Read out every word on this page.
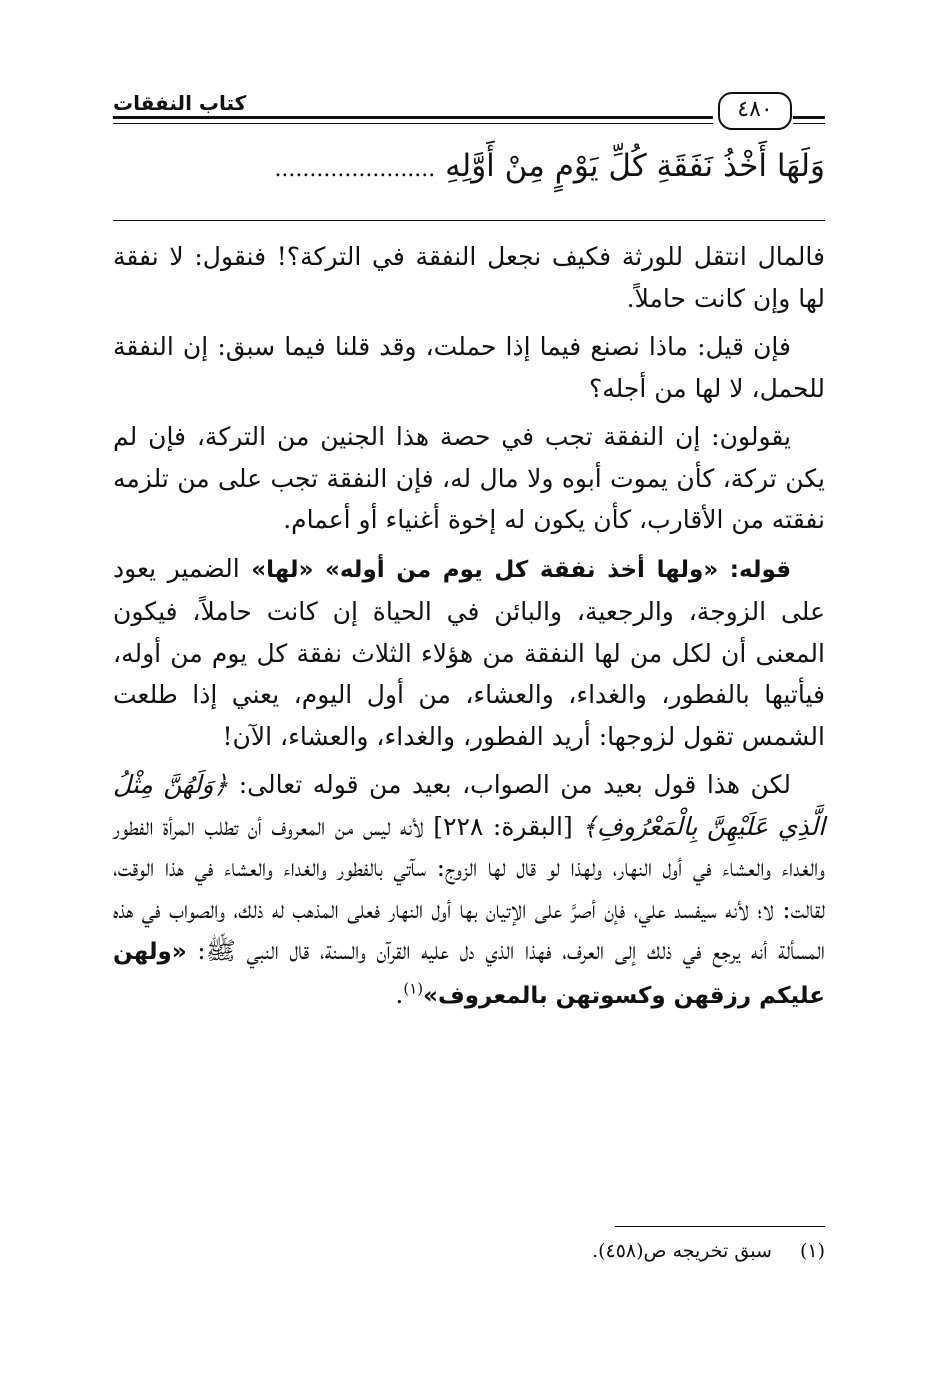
كتاب النفقات	٤٨٠
وَلَهَا أَخْذُ نَفَقَةِ كُلِّ يَوْمٍ مِنْ أَوَّلِهِ .......................

فالمال انتقل للورثة فكيف نجعل النفقة في التركة؟! فنقول: لا نفقة لها وإن كانت حاملاً.

فإن قيل: ماذا نصنع فيما إذا حملت، وقد قلنا فيما سبق: إن النفقة للحمل، لا لها من أجله؟

يقولون: إن النفقة تجب في حصة هذا الجنين من التركة، فإن لم يكن تركة، كأن يموت أبوه ولا مال له، فإن النفقة تجب على من تلزمه نفقته من الأقارب، كأن يكون له إخوة أغنياء أو أعمام.

قوله: «ولها أخذ نفقة كل يوم من أوله» «لها» الضمير يعود على الزوجة، والرجعية، والبائن في الحياة إن كانت حاملاً، فيكون المعنى أن لكل من لها النفقة من هؤلاء الثلاث نفقة كل يوم من أوله، فيأتيها بالفطور، والغداء، والعشاء، من أول اليوم، يعني إذا طلعت الشمس تقول لزوجها: أريد الفطور، والغداء، والعشاء، الآن!

لكن هذا قول بعيد من الصواب، بعيد من قوله تعالى: ﴿وَلَهُنَّ مِثْلُ الَّذِي عَلَيْهِنَّ بِالْمَعْرُوفِ﴾ [البقرة: ٢٢٨] لأنه ليس من المعروف أن تطلب المرأة الفطور والغداء والعشاء في أول النهار، ولهذا لو قال لها الزوج: سآتي بالفطور والغداء والعشاء في هذا الوقت، لقالت: لا؛ لأنه سيفسد علي، فإن أصرَّ على الإتيان بها أول النهار فعلى المذهب له ذلك، والصواب في هذه المسألة أنه يرجع في ذلك إلى العرف، فهذا الذي دل عليه القرآن والسنة، قال النبي ﷺ: «ولهن عليكم رزقهن وكسوتهن بالمعروف»$^{(١)}$.

(١) سبق تخريجه ص(٤٥٨).
